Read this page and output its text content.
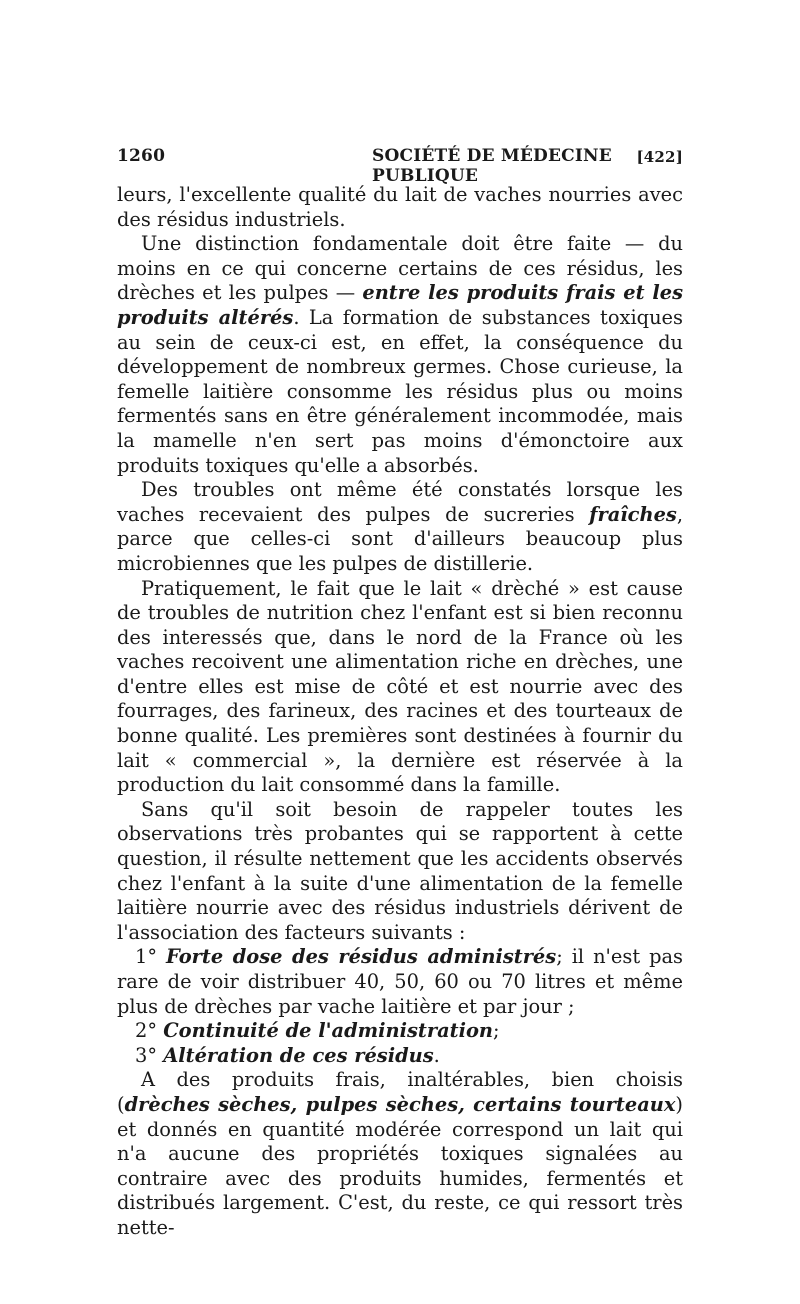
1260	SOCIÉTÉ DE MÉDECINE PUBLIQUE
[422]

leurs, l'excellente qualité du lait de vaches nourries avec des résidus industriels.

Une distinction fondamentale doit être faite — du moins en ce qui concerne certains de ces résidus, les drèches et les pulpes — entre les produits frais et les produits altérés. La formation de substances toxiques au sein de ceux-ci est, en effet, la conséquence du développement de nombreux germes. Chose curieuse, la femelle laitière consomme les résidus plus ou moins fermentés sans en être généralement incommodée, mais la mamelle n'en sert pas moins d'émonctoire aux produits toxiques qu'elle a absorbés.

Des troubles ont même été constatés lorsque les vaches recevaient des pulpes de sucreries fraîches, parce que celles-ci sont d'ailleurs beaucoup plus microbiennes que les pulpes de distillerie.

Pratiquement, le fait que le lait « drèché » est cause de troubles de nutrition chez l'enfant est si bien reconnu des interessés que, dans le nord de la France où les vaches recoivent une alimentation riche en drèches, une d'entre elles est mise de côté et est nourrie avec des fourrages, des farineux, des racines et des tourteaux de bonne qualité. Les premières sont destinées à fournir du lait « commercial », la dernière est réservée à la production du lait consommé dans la famille.

Sans qu'il soit besoin de rappeler toutes les observations très probantes qui se rapportent à cette question, il résulte nettement que les accidents observés chez l'enfant à la suite d'une alimentation de la femelle laitière nourrie avec des résidus industriels dérivent de l'association des facteurs suivants :

1° Forte dose des résidus administrés; il n'est pas rare de voir distribuer 40, 50, 60 ou 70 litres et même plus de drèches par vache laitière et par jour ;

2° Continuité de l'administration;

3° Altération de ces résidus.

A des produits frais, inaltérables, bien choisis (drèches sèches, pulpes sèches, certains tourteaux) et donnés en quantité modérée correspond un lait qui n'a aucune des propriétés toxiques signalées au contraire avec des produits humides, fermentés et distribués largement. C'est, du reste, ce qui ressort très nette-
